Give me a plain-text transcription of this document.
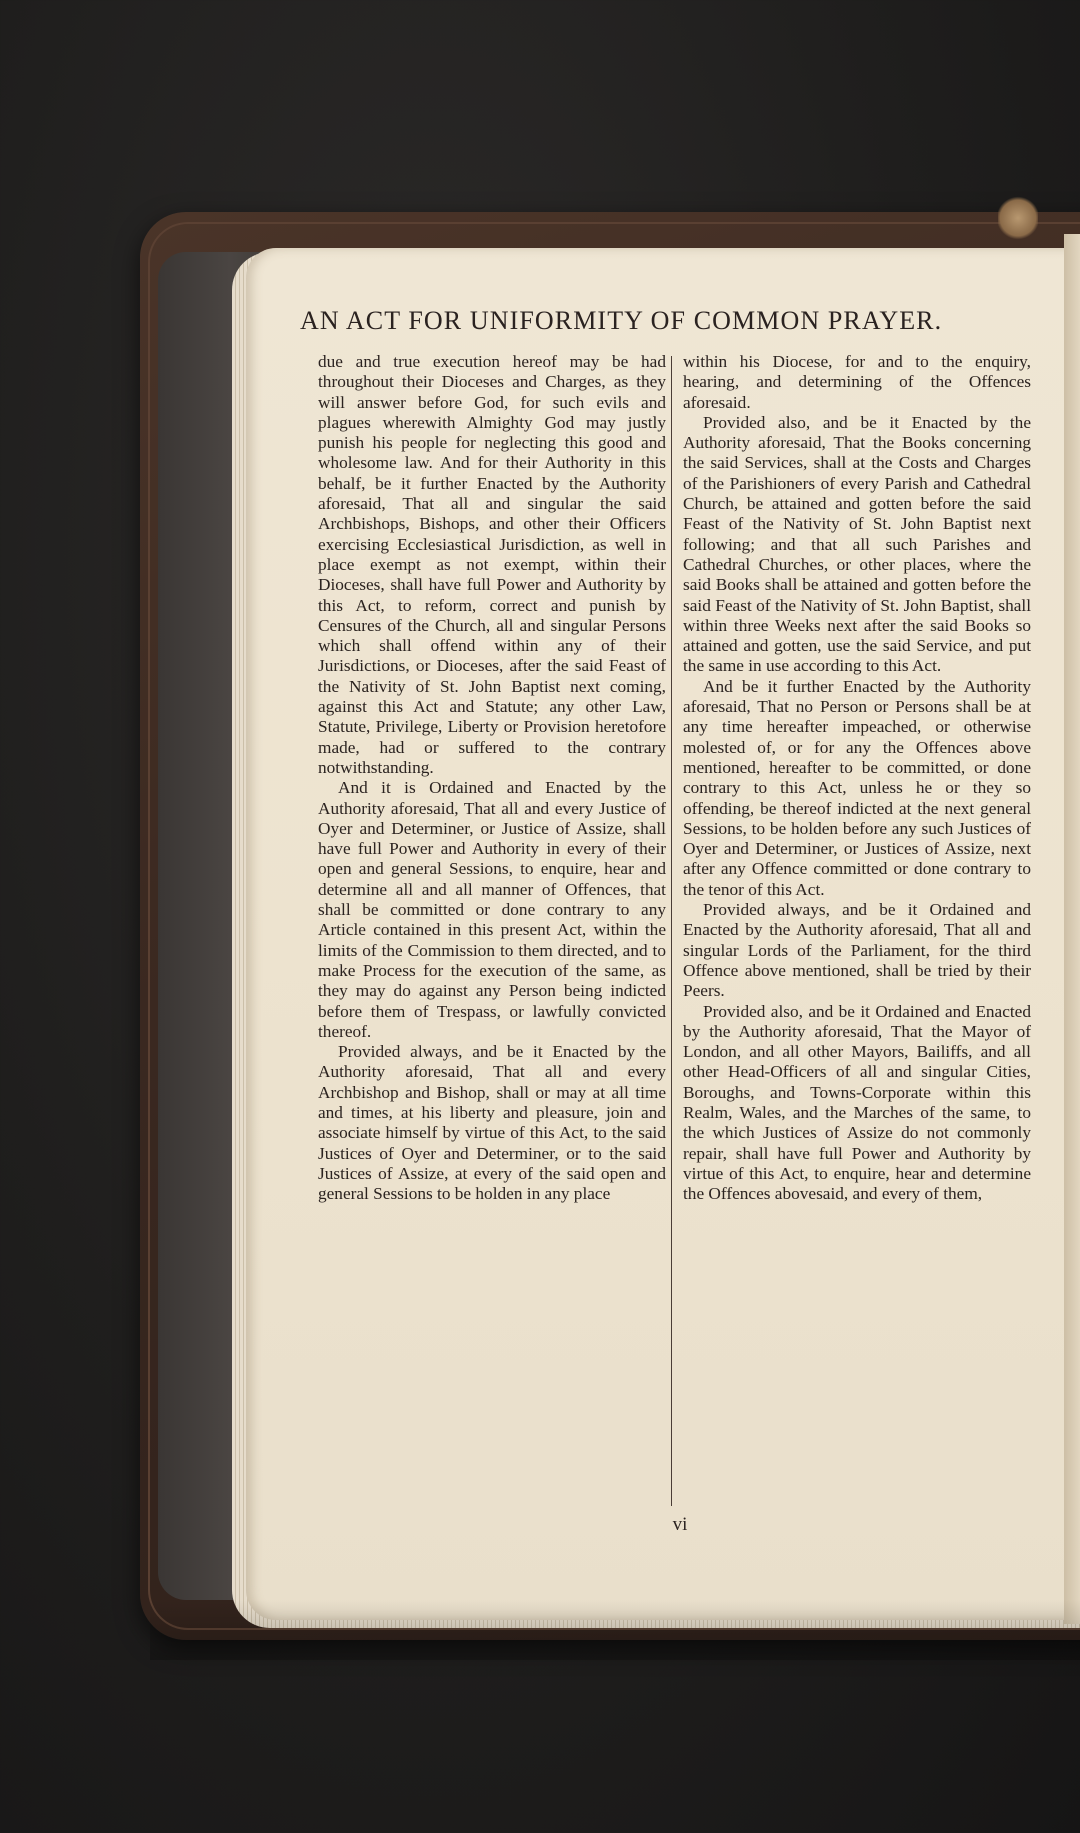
AN ACT FOR UNIFORMITY OF COMMON PRAYER.

due and true execution hereof may be had throughout their Dioceses and Charges, as they will answer before God, for such evils and plagues wherewith Almighty God may justly punish his people for neglecting this good and wholesome law. And for their Authority in this behalf, be it further Enacted by the Authority aforesaid, That all and singular the said Archbishops, Bishops, and other their Officers exercising Ecclesiastical Jurisdiction, as well in place exempt as not exempt, within their Dioceses, shall have full Power and Authority by this Act, to reform, correct and punish by Censures of the Church, all and singular Persons which shall offend within any of their Jurisdictions, or Dioceses, after the said Feast of the Nativity of St. John Baptist next coming, against this Act and Statute; any other Law, Statute, Privilege, Liberty or Provision heretofore made, had or suffered to the contrary notwithstanding.

And it is Ordained and Enacted by the Authority aforesaid, That all and every Justice of Oyer and Determiner, or Justice of Assize, shall have full Power and Authority in every of their open and general Sessions, to enquire, hear and determine all and all manner of Offences, that shall be committed or done contrary to any Article contained in this present Act, within the limits of the Commission to them directed, and to make Process for the execution of the same, as they may do against any Person being indicted before them of Trespass, or lawfully convicted thereof.

Provided always, and be it Enacted by the Authority aforesaid, That all and every Archbishop and Bishop, shall or may at all time and times, at his liberty and pleasure, join and associate himself by virtue of this Act, to the said Justices of Oyer and Determiner, or to the said Justices of Assize, at every of the said open and general Sessions to be holden in any place

within his Diocese, for and to the enquiry, hearing, and determining of the Offences aforesaid.

Provided also, and be it Enacted by the Authority aforesaid, That the Books concerning the said Services, shall at the Costs and Charges of the Parishioners of every Parish and Cathedral Church, be attained and gotten before the said Feast of the Nativity of St. John Baptist next following; and that all such Parishes and Cathedral Churches, or other places, where the said Books shall be attained and gotten before the said Feast of the Nativity of St. John Baptist, shall within three Weeks next after the said Books so attained and gotten, use the said Service, and put the same in use according to this Act.

And be it further Enacted by the Authority aforesaid, That no Person or Persons shall be at any time hereafter impeached, or otherwise molested of, or for any the Offences above mentioned, hereafter to be committed, or done contrary to this Act, unless he or they so offending, be thereof indicted at the next general Sessions, to be holden before any such Justices of Oyer and Determiner, or Justices of Assize, next after any Offence committed or done contrary to the tenor of this Act.

Provided always, and be it Ordained and Enacted by the Authority aforesaid, That all and singular Lords of the Parliament, for the third Offence above mentioned, shall be tried by their Peers.

Provided also, and be it Ordained and Enacted by the Authority aforesaid, That the Mayor of London, and all other Mayors, Bailiffs, and all other Head-Officers of all and singular Cities, Boroughs, and Towns-Corporate within this Realm, Wales, and the Marches of the same, to the which Justices of Assize do not commonly repair, shall have full Power and Authority by virtue of this Act, to enquire, hear and determine the Offences abovesaid, and every of them,

vi
